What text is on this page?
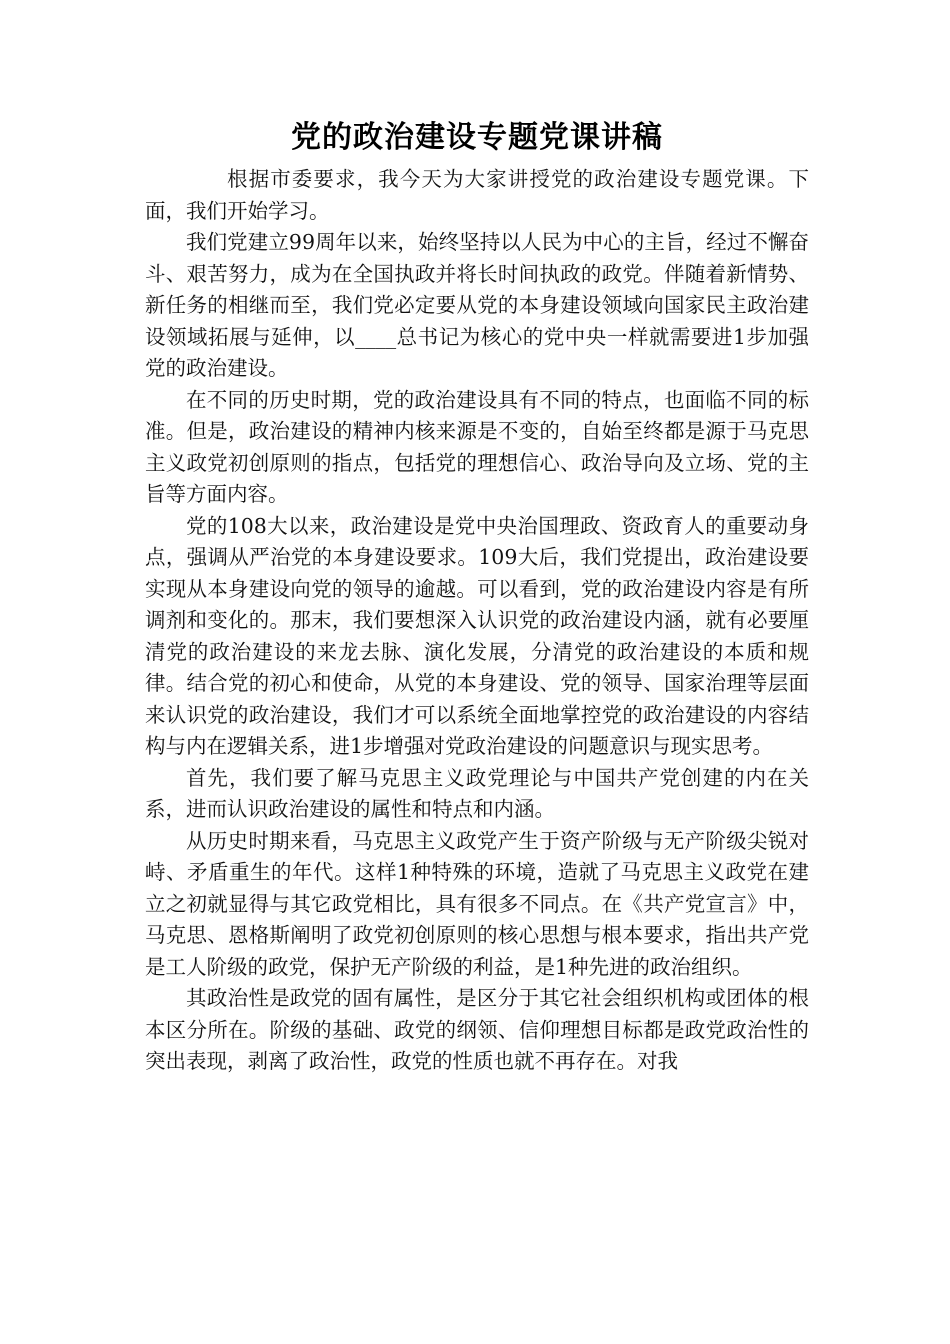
党的政治建设专题党课讲稿

根据市委要求，我今天为大家讲授党的政治建设专题党课。下面，我们开始学习。

我们党建立99周年以来，始终坚持以人民为中心的主旨，经过不懈奋斗、艰苦努力，成为在全国执政并将长时间执政的政党。伴随着新情势、新任务的相继而至，我们党必定要从党的本身建设领域向国家民主政治建设领域拓展与延伸，以____总书记为核心的党中央一样就需要进1步加强党的政治建设。

在不同的历史时期，党的政治建设具有不同的特点，也面临不同的标准。但是，政治建设的精神内核来源是不变的，自始至终都是源于马克思主义政党初创原则的指点，包括党的理想信心、政治导向及立场、党的主旨等方面内容。

党的108大以来，政治建设是党中央治国理政、资政育人的重要动身点，强调从严治党的本身建设要求。109大后，我们党提出，政治建设要实现从本身建设向党的领导的逾越。可以看到，党的政治建设内容是有所调剂和变化的。那末，我们要想深入认识党的政治建设内涵，就有必要厘清党的政治建设的来龙去脉、演化发展，分清党的政治建设的本质和规律。结合党的初心和使命，从党的本身建设、党的领导、国家治理等层面来认识党的政治建设，我们才可以系统全面地掌控党的政治建设的内容结构与内在逻辑关系，进1步增强对党政治建设的问题意识与现实思考。

首先，我们要了解马克思主义政党理论与中国共产党创建的内在关系，进而认识政治建设的属性和特点和内涵。

从历史时期来看，马克思主义政党产生于资产阶级与无产阶级尖锐对峙、矛盾重生的年代。这样1种特殊的环境，造就了马克思主义政党在建立之初就显得与其它政党相比，具有很多不同点。在《共产党宣言》中，马克思、恩格斯阐明了政党初创原则的核心思想与根本要求，指出共产党是工人阶级的政党，保护无产阶级的利益，是1种先进的政治组织。

其政治性是政党的固有属性，是区分于其它社会组织机构或团体的根本区分所在。阶级的基础、政党的纲领、信仰理想目标都是政党政治性的突出表现，剥离了政治性，政党的性质也就不再存在。对我
